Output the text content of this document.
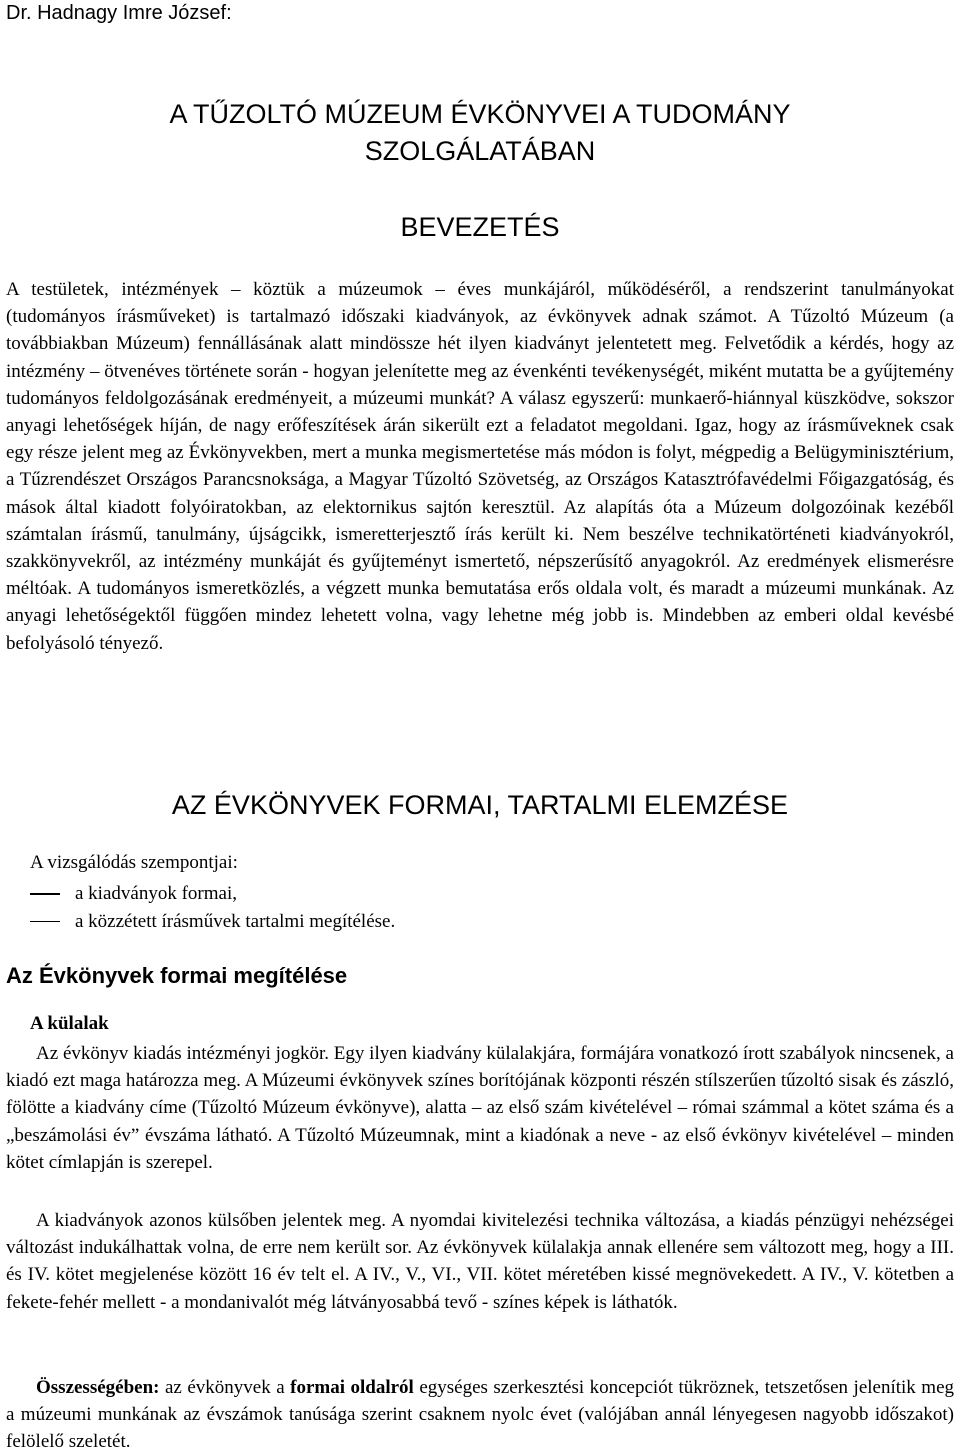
Dr. Hadnagy Imre József:
A TŰZOLTÓ MÚZEUM ÉVKÖNYVEI A TUDOMÁNY
SZOLGÁLATÁBAN
BEVEZETÉS

A testületek, intézmények – köztük a múzeumok – éves munkájáról, működéséről, a rendszerint tanulmányokat (tudományos írásműveket) is tartalmazó időszaki kiadványok, az évkönyvek adnak számot. A Tűzoltó Múzeum (a továbbiakban Múzeum) fennállásának alatt mindössze hét ilyen kiadványt jelentetett meg. Felvetődik a kérdés, hogy az intézmény – ötvenéves története során - hogyan jelenítette meg az évenkénti tevékenységét, miként mutatta be a gyűjtemény tudományos feldolgozásának eredményeit, a múzeumi munkát? A válasz egyszerű: munkaerő-hiánnyal küszködve, sokszor anyagi lehetőségek híján, de nagy erőfeszítések árán sikerült ezt a feladatot megoldani. Igaz, hogy az írásműveknek csak egy része jelent meg az Évkönyvekben, mert a munka megismertetése más módon is folyt, mégpedig a Belügyminisztérium, a Tűzrendészet Országos Parancsnoksága, a Magyar Tűzoltó Szövetség, az Országos Katasztrófavédelmi Főigazgatóság, és mások által kiadott folyóiratokban, az elektornikus sajtón keresztül. Az alapítás óta a Múzeum dolgozóinak kezéből számtalan írásmű, tanulmány, újságcikk, ismeretterjesztő írás került ki. Nem beszélve technikatörténeti kiadványokról, szakkönyvekről, az intézmény munkáját és gyűjteményt ismertető, népszerűsítő anyagokról. Az eredmények elismerésre méltóak. A tudományos ismeretközlés, a végzett munka bemutatása erős oldala volt, és maradt a múzeumi munkának. Az anyagi lehetőségektől függően mindez lehetett volna, vagy lehetne még jobb is. Mindebben az emberi oldal kevésbé befolyásoló tényező.

AZ ÉVKÖNYVEK FORMAI, TARTALMI ELEMZÉSE
A vizsgálódás szempontjai:
a kiadványok formai,
a közzétett írásművek tartalmi megítélése.
Az Évkönyvek formai megítélése
A külalak

Az évkönyv kiadás intézményi jogkör. Egy ilyen kiadvány külalakjára, formájára vonatkozó írott szabályok nincsenek, a kiadó ezt maga határozza meg. A Múzeumi évkönyvek színes borítójának központi részén stílszerűen tűzoltó sisak és zászló, fölötte a kiadvány címe (Tűzoltó Múzeum évkönyve), alatta – az első szám kivételével – római számmal a kötet száma és a „beszámolási év” évszáma látható. A Tűzoltó Múzeumnak, mint a kiadónak a neve - az első évkönyv kivételével – minden kötet címlapján is szerepel.

A kiadványok azonos külsőben jelentek meg. A nyomdai kivitelezési technika változása, a kiadás pénzügyi nehézségei változást indukálhattak volna, de erre nem került sor. Az évkönyvek külalakja annak ellenére sem változott meg, hogy a III. és IV. kötet megjelenése között 16 év telt el. A IV., V., VI., VII. kötet méretében kissé megnövekedett. A IV., V. kötetben a fekete-fehér mellett - a mondanivalót még látványosabbá tevő - színes képek is láthatók.

Összességében: az évkönyvek a formai oldalról egységes szerkesztési koncepciót tükröznek, tetszetősen jelenítik meg a múzeumi munkának az évszámok tanúsága szerint csaknem nyolc évet (valójában annál lényegesen nagyobb időszakot) felölelő szeletét.
